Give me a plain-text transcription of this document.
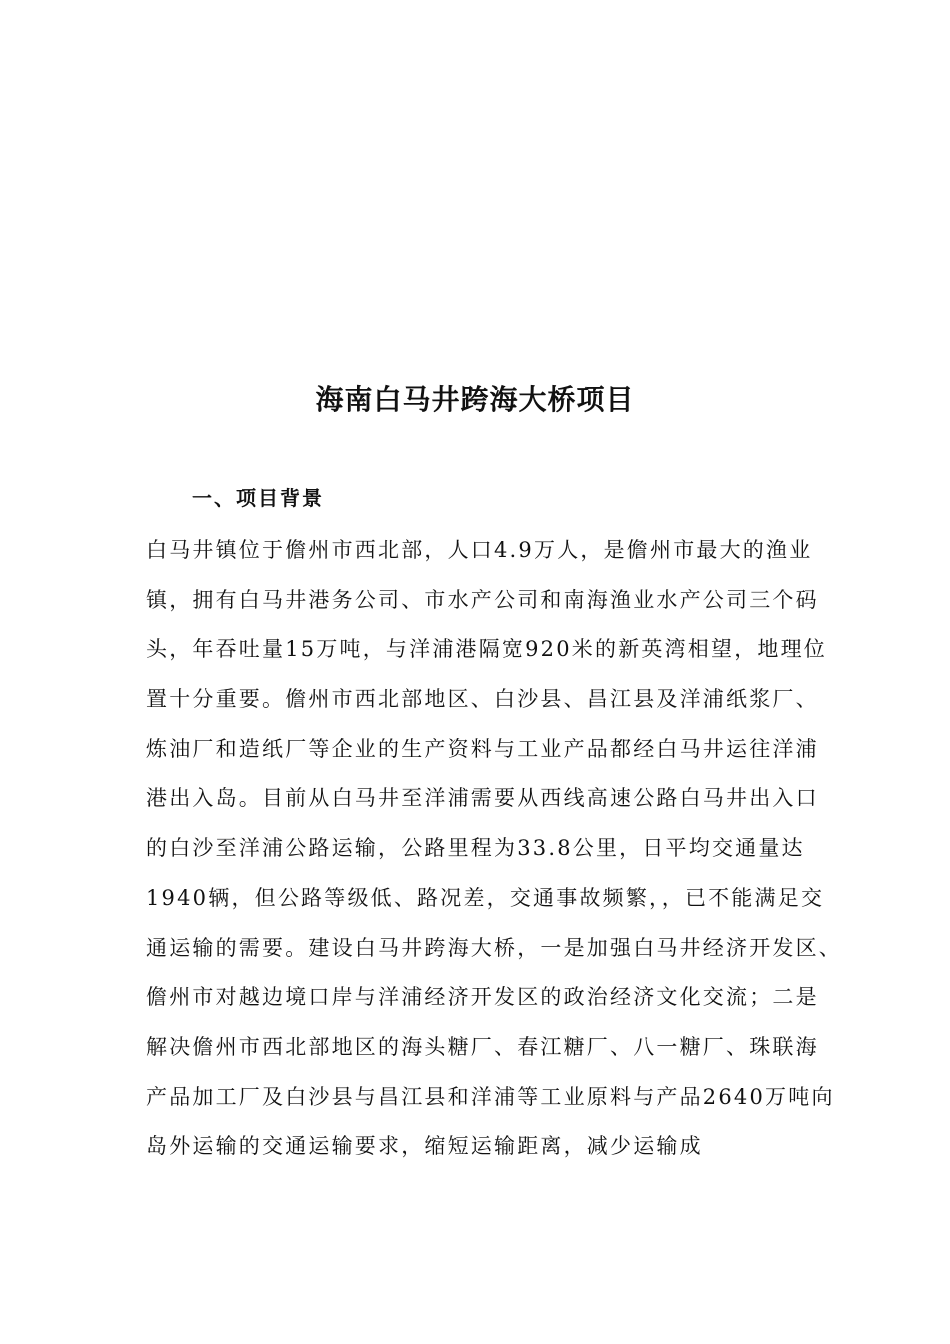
海南白马井跨海大桥项目
一、项目背景
白马井镇位于儋州市西北部，人口4.9万人，是儋州市最大的渔业
镇，拥有白马井港务公司、市水产公司和南海渔业水产公司三个码
头，年吞吐量15万吨，与洋浦港隔宽920米的新英湾相望，地理位
置十分重要。儋州市西北部地区、白沙县、昌江县及洋浦纸浆厂、
炼油厂和造纸厂等企业的生产资料与工业产品都经白马井运往洋浦
港出入岛。目前从白马井至洋浦需要从西线高速公路白马井出入口
的白沙至洋浦公路运输，公路里程为33.8公里，日平均交通量达
1940辆，但公路等级低、路况差，交通事故频繁，，已不能满足交
通运输的需要。建设白马井跨海大桥，一是加强白马井经济开发区、
儋州市对越边境口岸与洋浦经济开发区的政治经济文化交流；二是
解决儋州市西北部地区的海头糖厂、春江糖厂、八一糖厂、珠联海
产品加工厂及白沙县与昌江县和洋浦等工业原料与产品2640万吨向
岛外运输的交通运输要求，缩短运输距离，减少运输成
